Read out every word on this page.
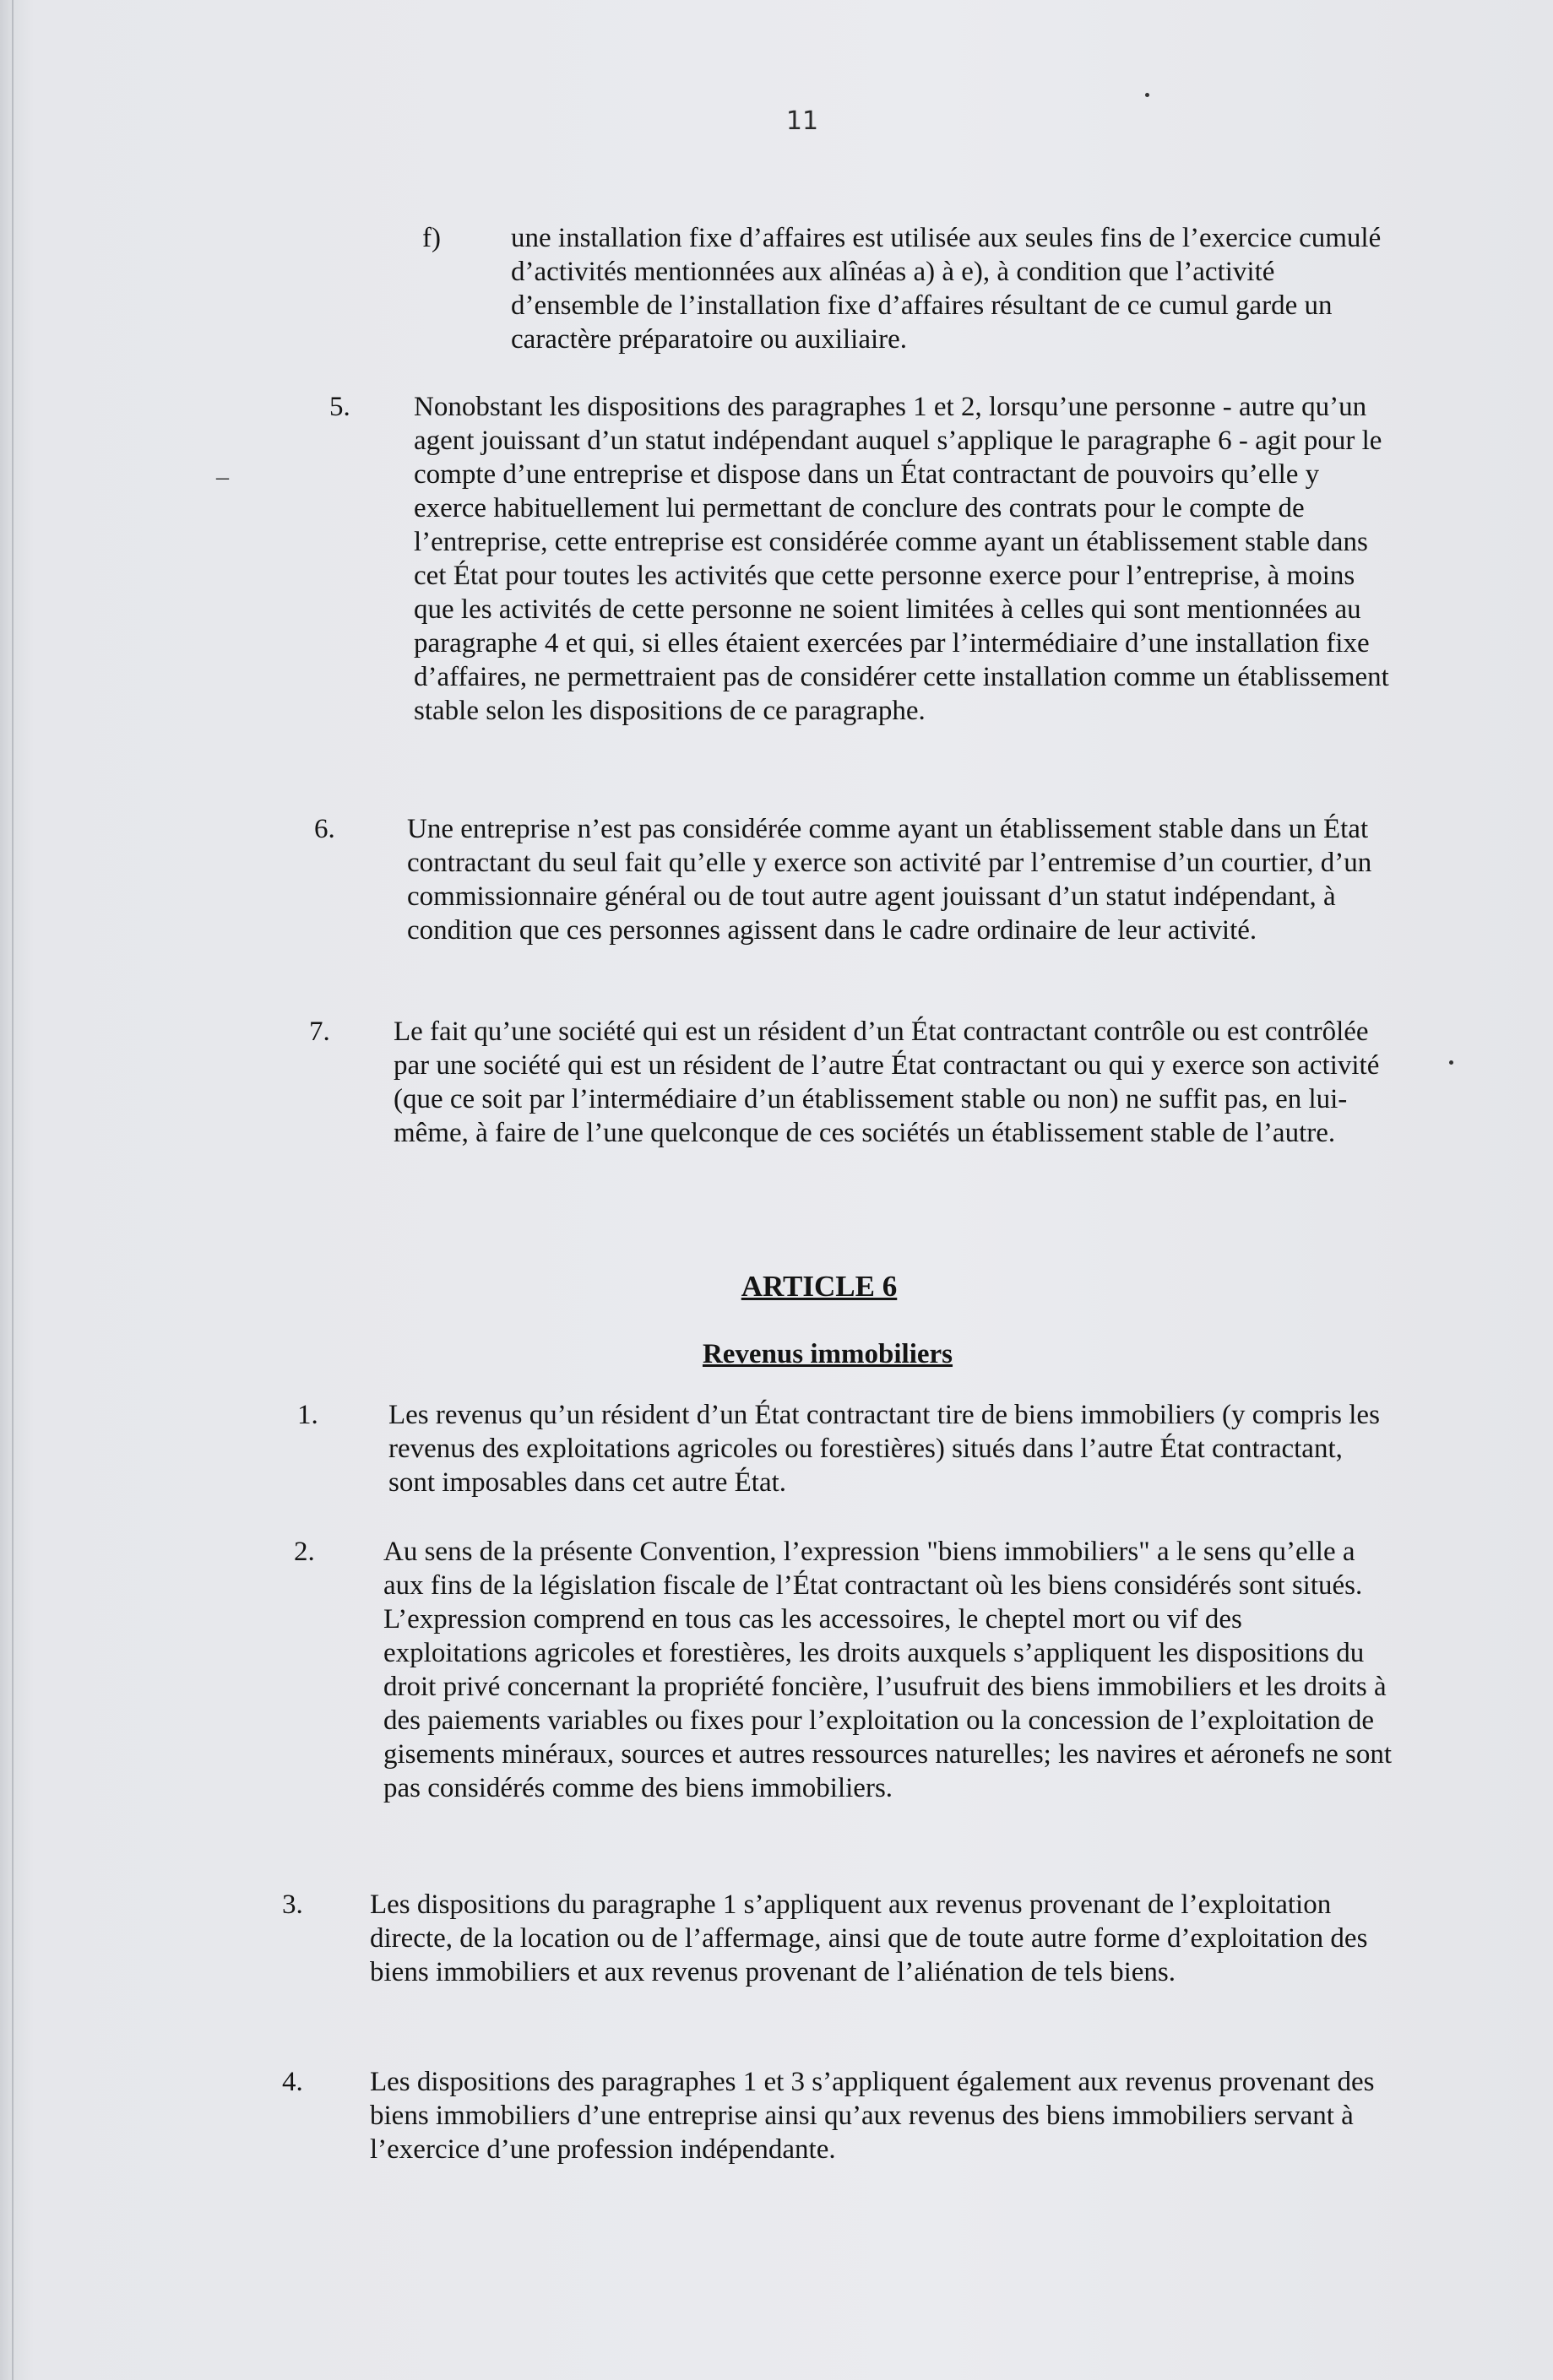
11
f)	une installation fixe d’affaires est utilisée aux seules fins de l’exercice cumulé d’activités mentionnées aux alînéas a) à e), à condition que l’activité d’ensemble de l’installation fixe d’affaires résultant de ce cumul garde un caractère préparatoire ou auxiliaire.
5. Nonobstant les dispositions des paragraphes 1 et 2, lorsqu’une personne - autre qu’un agent jouissant d’un statut indépendant auquel s’applique le paragraphe 6 - agit pour le compte d’une entreprise et dispose dans un État contractant de pouvoirs qu’elle y exerce habituellement lui permettant de conclure des contrats pour le compte de l’entreprise, cette entreprise est considérée comme ayant un établissement stable dans cet État pour toutes les activités que cette personne exerce pour l’entreprise, à moins que les activités de cette personne ne soient limitées à celles qui sont mentionnées au paragraphe 4 et qui, si elles étaient exercées par l’intermédiaire d’une installation fixe d’affaires, ne permettraient pas de considérer cette installation comme un établissement stable selon les dispositions de ce paragraphe.
6.	Une entreprise n’est pas considérée comme ayant un établissement stable dans un État contractant du seul fait qu’elle y exerce son activité par l’entremise d’un courtier, d’un commissionnaire général ou de tout autre agent jouissant d’un statut indépendant, à condition que ces personnes agissent dans le cadre ordinaire de leur activité.
7. Le fait qu’une société qui est un résident d’un État contractant contrôle ou est contrôlée par une société qui est un résident de l’autre État contractant ou qui y exerce son activité (que ce soit par l’intermédiaire d’un établissement stable ou non) ne suffit pas, en lui-même, à faire de l’une quelconque de ces sociétés un établissement stable de l’autre.
ARTICLE 6
Revenus immobiliers
1.	Les revenus qu’un résident d’un État contractant tire de biens immobiliers (y compris les revenus des exploitations agricoles ou forestières) situés dans l’autre État contractant, sont imposables dans cet autre État.
2. Au sens de la présente Convention, l’expression "biens immobiliers" a le sens qu’elle a aux fins de la législation fiscale de l’État contractant où les biens considérés sont situés. L’expression comprend en tous cas les accessoires, le cheptel mort ou vif des exploitations agricoles et forestières, les droits auxquels s’appliquent les dispositions du droit privé concernant la propriété foncière, l’usufruit des biens immobiliers et les droits à des paiements variables ou fixes pour l’exploitation ou la concession de l’exploitation de gisements minéraux, sources et autres ressources naturelles; les navires et aéronefs ne sont pas considérés comme des biens immobiliers.
3. Les dispositions du paragraphe 1 s’appliquent aux revenus provenant de l’exploitation directe, de la location ou de l’affermage, ainsi que de toute autre forme d’exploitation des biens immobiliers et aux revenus provenant de l’aliénation de tels biens.
4. Les dispositions des paragraphes 1 et 3 s’appliquent également aux revenus provenant des biens immobiliers d’une entreprise ainsi qu’aux revenus des biens immobiliers servant à l’exercice d’une profession indépendante.
–
